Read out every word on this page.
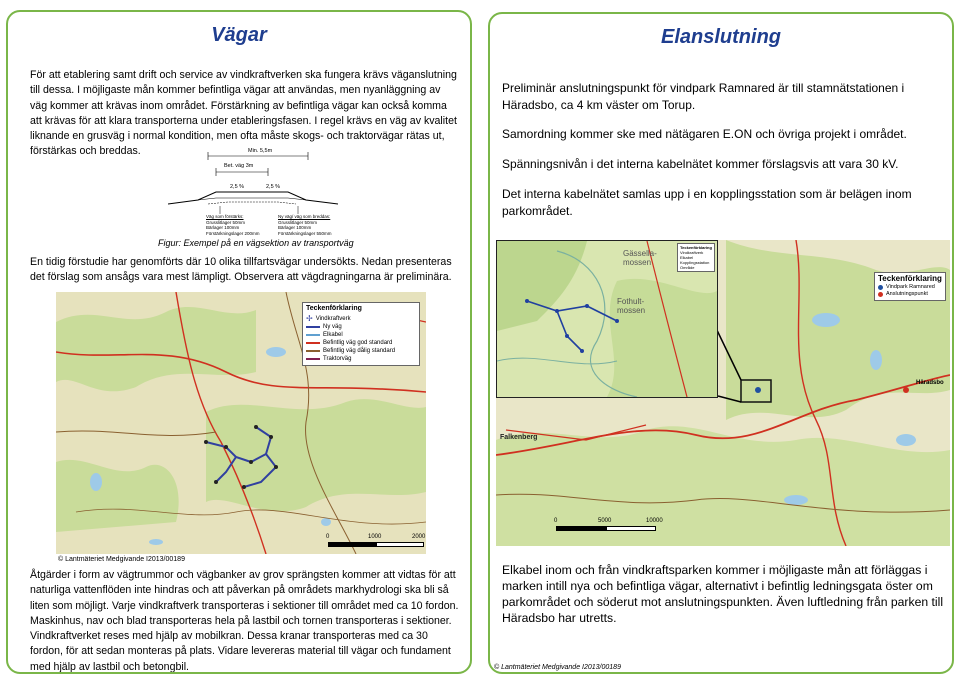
Vägar
För att etablering samt drift och service av vindkraftverken ska fungera krävs väganslutning till dessa. I möjligaste mån kommer befintliga vägar att användas, men nyanläggning av väg kommer att krävas inom området. Förstärkning av befintliga vägar kan också komma att krävas för att klara transporterna under etableringsfasen. I regel krävs en väg av kvalitet liknande en grusväg i normal kondition, men ofta måste skogs- och traktorvägar rätas ut, förstärkas och breddas.	Min. 5,5m
Bet. väg 3m
2,5 %	2,5 %
Väg som förstärks:
Grusslitlager 50mm
Bärlager 100mm
Förstärkningslager 200mm
Ny väg/ väg som breddas:
Grusslitlager 50mm
Bärlager 100mm
Förstärkningslager 550mm
Figur: Exempel på en vägsektion av transportväg
En tidig förstudie har genomförts där 10 olika tillfartsvägar undersökts. Nedan presenteras det förslag som ansågs vara mest lämpligt. Observera att vägdragningarna är preliminära.
Teckenförklaring
✢ Vindkraftverk
Ny väg
Elkabel
Befintlig väg god standard
Befintlig väg dålig standard
Traktorväg
0	1000	2000
© Lantmäteriet Medgivande I2013/00189
Åtgärder i form av vägtrummor och vägbanker av grov sprängsten kommer att vidtas för att naturliga vattenflöden inte hindras och att påverkan på områdets markhydrologi ska bli så liten som möjligt. Varje vindkraftverk transporteras i sektioner till området med ca 10 fordon. Maskinhus, nav och blad transporteras hela på lastbil och tornen transporteras i sektioner. Vindkraftverket reses med hjälp av mobilkran. Dessa kranar transporteras med ca 30 fordon, för att sedan monteras på plats. Vidare levereras material till vägar och fundament med hjälp av lastbil och betongbil.
Elanslutning
Preliminär anslutningspunkt för vindpark Ramnared är till stamnätstationen i Häradsbo, ca 4 km väster om Torup.
Samordning kommer ske med nätägaren E.ON och övriga projekt i området.
Spänningsnivån i det interna kabelnätet kommer förslagsvis att vara 30 kV.
Det interna kabelnätet samlas upp i en kopplingsstation som är belägen inom parkområdet.
Gässella-mossen
Fothult-mossen
Teckenförklaring
Vindkraftverk
Elkabel
Kopplingsstation
Område
Teckenförklaring
Vindpark Ramnared
Anslutningspunkt
Häradsbo
Falkenberg
0	5000	10000
Elkabel inom och från vindkraftsparken kommer i möjligaste mån att förläggas i marken intill nya och befintliga vägar, alternativt i befintlig ledningsgata öster om parkområdet och söderut mot anslutningspunkten. Även luftledning från parken till Häradsbo har utretts.
© Lantmäteriet Medgivande I2013/00189
